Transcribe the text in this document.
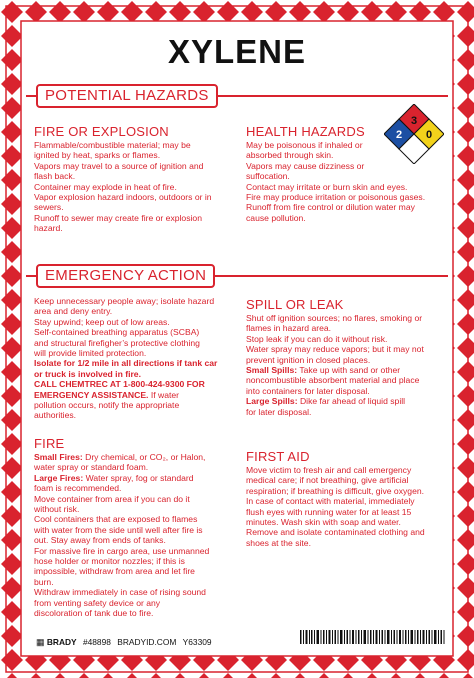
XYLENE
POTENTIAL HAZARDS
3
2 0
FIRE OR EXPLOSION

Flammable/combustible material; may be

ignited by heat, sparks or flames.

Vapors may travel to a source of ignition and

flash back.

Container may explode in heat of fire.

Vapor explosion hazard indoors, outdoors or in

sewers.

Runoff to sewer may create fire or explosion

hazard.

HEALTH HAZARDS

May be poisonous if inhaled or

absorbed through skin.

Vapors may cause dizziness or

suffocation.

Contact may irritate or burn skin and eyes.

Fire may produce irritation or poisonous gases.

Runoff from fire control or dilution water may

cause pollution.

EMERGENCY ACTION

Keep unnecessary people away; isolate hazard

area and deny entry.

Stay upwind; keep out of low areas.

Self-contained breathing apparatus (SCBA)

and structural firefigher’s protective clothing

will provide limited protection.

Isolate for 1/2 mile in all directions if tank car

or truck is involved in fire.

CALL CHEMTREC AT 1-800-424-9300 FOR

EMERGENCY ASSISTANCE. If water

pollution occurs, notify the appropriate

authorities.

SPILL OR LEAK

Shut off ignition sources; no flares, smoking or

flames in hazard area.

Stop leak if you can do it without risk.

Water spray may reduce vapors; but it may not

prevent ignition in closed places.

Small Spills: Take up with sand or other

noncombustible absorbent material and place

into containers for later disposal.

Large Spills: Dike far ahead of liquid spill

for later disposal.

FIRE

Small Fires: Dry chemical, or CO₂, or Halon,

water spray or standard foam.

Large Fires: Water spray, fog or standard

foam is recommended.

Move container from area if you can do it

without risk.

Cool containers that are exposed to flames

with water from the side until well after fire is

out. Stay away from ends of tanks.

For massive fire in cargo area, use unmanned

hose holder or monitor nozzles; if this is

impossible, withdraw from area and let fire

burn.

Withdraw immediately in case of rising sound

from venting safety device or any

discoloration of tank due to fire.

FIRST AID

Move victim to fresh air and call emergency

medical care; if not breathing, give artificial

respiration; if breathing is difficult, give oxygen.

In case of contact with material, immediately

flush eyes with running water for at least 15

minutes. Wash skin with soap and water.

Remove and isolate contaminated clothing and

shoes at the site.

▦ BRADY #48898 BRADYID.COM Y63309
